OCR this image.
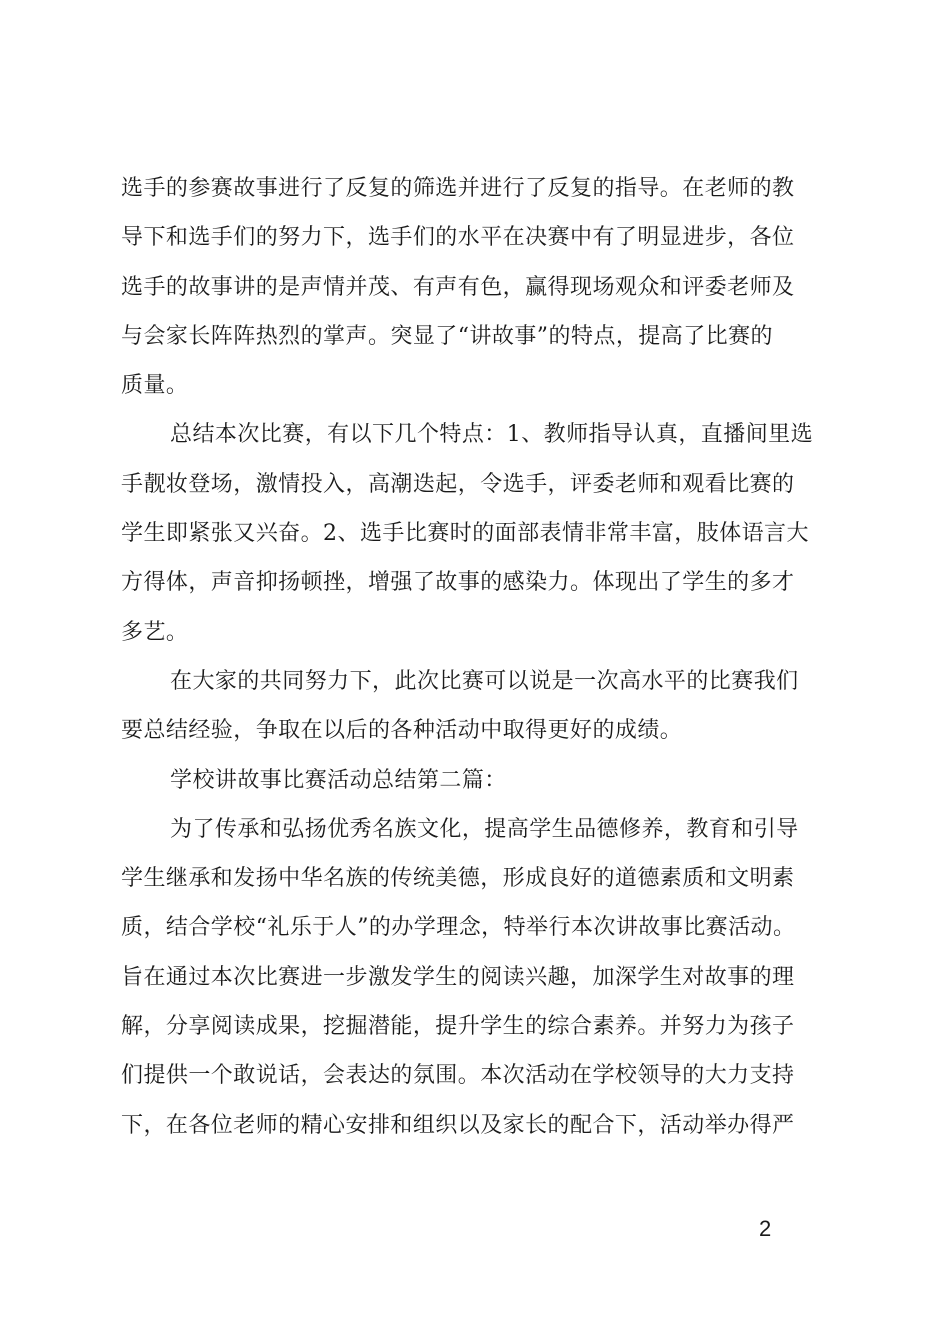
选手的参赛故事进行了反复的筛选并进行了反复的指导。在老师的教
导下和选手们的努力下，选手们的水平在决赛中有了明显进步，各位
选手的故事讲的是声情并茂、有声有色，赢得现场观众和评委老师及
与会家长阵阵热烈的掌声。突显了“讲故事”的特点，提高了比赛的
质量。
总结本次比赛，有以下几个特点：1、教师指导认真，直播间里选
手靓妆登场，激情投入，高潮迭起，令选手，评委老师和观看比赛的
学生即紧张又兴奋。2、选手比赛时的面部表情非常丰富，肢体语言大
方得体，声音抑扬顿挫，增强了故事的感染力。体现出了学生的多才
多艺。
在大家的共同努力下，此次比赛可以说是一次高水平的比赛我们
要总结经验，争取在以后的各种活动中取得更好的成绩。
学校讲故事比赛活动总结第二篇：
为了传承和弘扬优秀名族文化，提高学生品德修养，教育和引导
学生继承和发扬中华名族的传统美德，形成良好的道德素质和文明素
质，结合学校“礼乐于人”的办学理念，特举行本次讲故事比赛活动。
旨在通过本次比赛进一步激发学生的阅读兴趣，加深学生对故事的理
解，分享阅读成果，挖掘潜能，提升学生的综合素养。并努力为孩子
们提供一个敢说话，会表达的氛围。本次活动在学校领导的大力支持
下，在各位老师的精心安排和组织以及家长的配合下，活动举办得严
2
